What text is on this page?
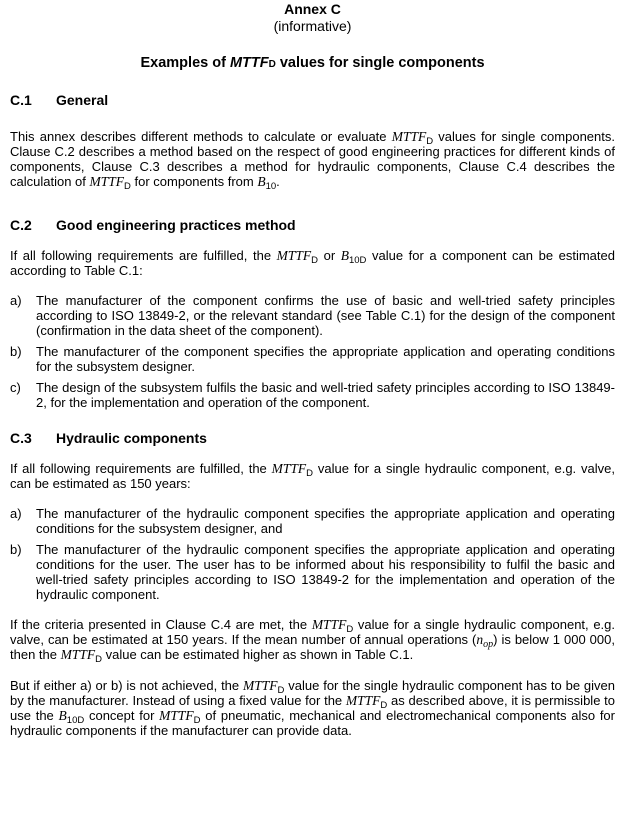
Annex C
(informative)
Examples of MTTFD values for single components
C.1 General

This annex describes different methods to calculate or evaluate $MTTF_D$ values for single components. Clause C.2 describes a method based on the respect of good engineering practices for different kinds of components, Clause C.3 describes a method for hydraulic components, Clause C.4 describes the calculation of $MTTF_D$ for components from $B_{10}$.

C.2 Good engineering practices method

If all following requirements are fulfilled, the $MTTF_D$ or $B_{10D}$ value for a component can be estimated according to Table C.1:

a) The manufacturer of the component confirms the use of basic and well-tried safety principles according to ISO 13849-2, or the relevant standard (see Table C.1) for the design of the component (confirmation in the data sheet of the component).
b) The manufacturer of the component specifies the appropriate application and operating conditions for the subsystem designer.
c) The design of the subsystem fulfils the basic and well-tried safety principles according to ISO 13849-2, for the implementation and operation of the component.
C.3 Hydraulic components

If all following requirements are fulfilled, the $MTTF_D$ value for a single hydraulic component, e.g. valve, can be estimated as 150 years:

a) The manufacturer of the hydraulic component specifies the appropriate application and operating conditions for the subsystem designer, and
b) The manufacturer of the hydraulic component specifies the appropriate application and operating conditions for the user. The user has to be informed about his responsibility to fulfil the basic and well-tried safety principles according to ISO 13849-2 for the implementation and operation of the hydraulic component.

If the criteria presented in Clause C.4 are met, the $MTTF_D$ value for a single hydraulic component, e.g. valve, can be estimated at 150 years. If the mean number of annual operations $(n_{op})$ is below 1 000 000, then the $MTTF_D$ value can be estimated higher as shown in Table C.1.

But if either a) or b) is not achieved, the $MTTF_D$ value for the single hydraulic component has to be given by the manufacturer. Instead of using a fixed value for the $MTTF_D$ as described above, it is permissible to use the $B_{10D}$ concept for $MTTF_D$ of pneumatic, mechanical and electromechanical components also for hydraulic components if the manufacturer can provide data.
